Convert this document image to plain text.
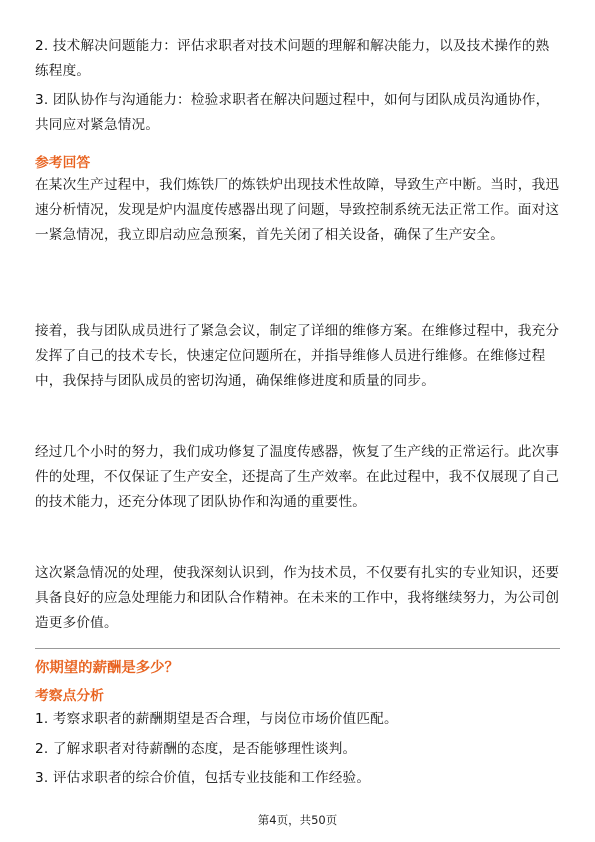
2. 技术解决问题能力：评估求职者对技术问题的理解和解决能力，以及技术操作的熟练程度。

3. 团队协作与沟通能力：检验求职者在解决问题过程中，如何与团队成员沟通协作，共同应对紧急情况。

参考回答

在某次生产过程中，我们炼铁厂的炼铁炉出现技术性故障，导致生产中断。当时，我迅速分析情况，发现是炉内温度传感器出现了问题，导致控制系统无法正常工作。面对这一紧急情况，我立即启动应急预案，首先关闭了相关设备，确保了生产安全。

接着，我与团队成员进行了紧急会议，制定了详细的维修方案。在维修过程中，我充分发挥了自己的技术专长，快速定位问题所在，并指导维修人员进行维修。在维修过程中，我保持与团队成员的密切沟通，确保维修进度和质量的同步。

经过几个小时的努力，我们成功修复了温度传感器，恢复了生产线的正常运行。此次事件的处理，不仅保证了生产安全，还提高了生产效率。在此过程中，我不仅展现了自己的技术能力，还充分体现了团队协作和沟通的重要性。

这次紧急情况的处理，使我深刻认识到，作为技术员，不仅要有扎实的专业知识，还要具备良好的应急处理能力和团队合作精神。在未来的工作中，我将继续努力，为公司创造更多价值。

你期望的薪酬是多少？

考察点分析

1. 考察求职者的薪酬期望是否合理，与岗位市场价值匹配。

2. 了解求职者对待薪酬的态度，是否能够理性谈判。

3. 评估求职者的综合价值，包括专业技能和工作经验。

第4页，共50页
